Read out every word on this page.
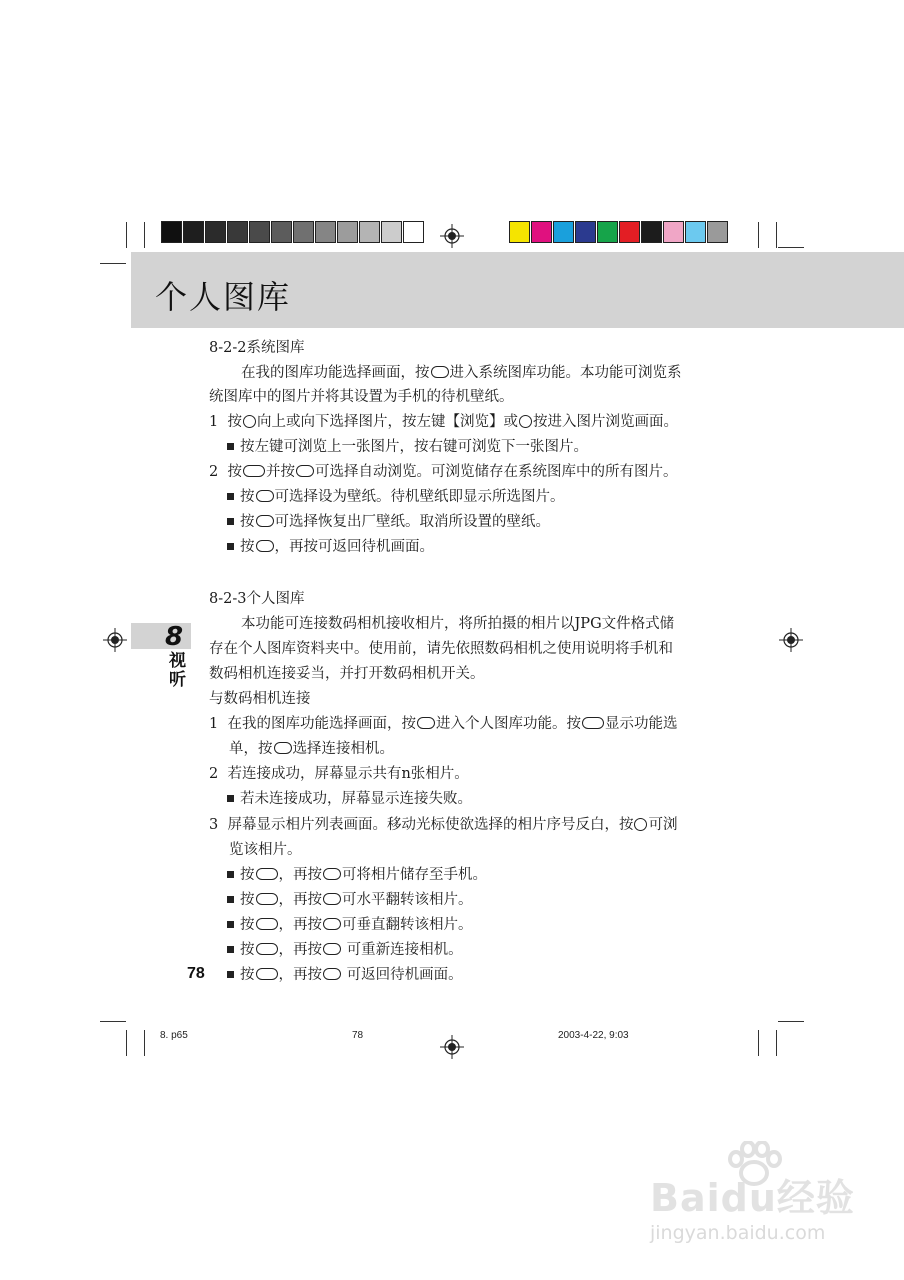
个人图库
8
视听
8-2-2系统图库
在我的图库功能选择画面，按 进入系统图库功能。本功能可浏览系
统图库中的图片并将其设置为手机的待机壁纸。
1 按 向上或向下选择图片，按左键【浏览】或 按进入图片浏览画面。
按左键可浏览上一张图片，按右键可浏览下一张图片。
2 按 并按 可选择自动浏览。可浏览储存在系统图库中的所有图片。
按 可选择设为壁纸。待机壁纸即显示所选图片。
按 可选择恢复出厂壁纸。取消所设置的壁纸。
按 ，再按可返回待机画面。
8-2-3个人图库
本功能可连接数码相机接收相片，将所拍摄的相片以JPG文件格式储
存在个人图库资料夹中。使用前，请先依照数码相机之使用说明将手机和
数码相机连接妥当，并打开数码相机开关。
与数码相机连接
1 在我的图库功能选择画面，按 进入个人图库功能。按 显示功能选
单，按 选择连接相机。
2 若连接成功，屏幕显示共有n张相片。
若未连接成功，屏幕显示连接失败。
3 屏幕显示相片列表画面。移动光标使欲选择的相片序号反白，按 可浏
览该相片。
按 ，再按 可将相片储存至手机。
按 ，再按 可水平翻转该相片。
按 ，再按 可垂直翻转该相片。
按 ，再按 可重新连接相机。
按 ，再按 可返回待机画面。
78
8. p65	78	2003-4-22, 9:03
Baidu经验
jingyan.baidu.com
